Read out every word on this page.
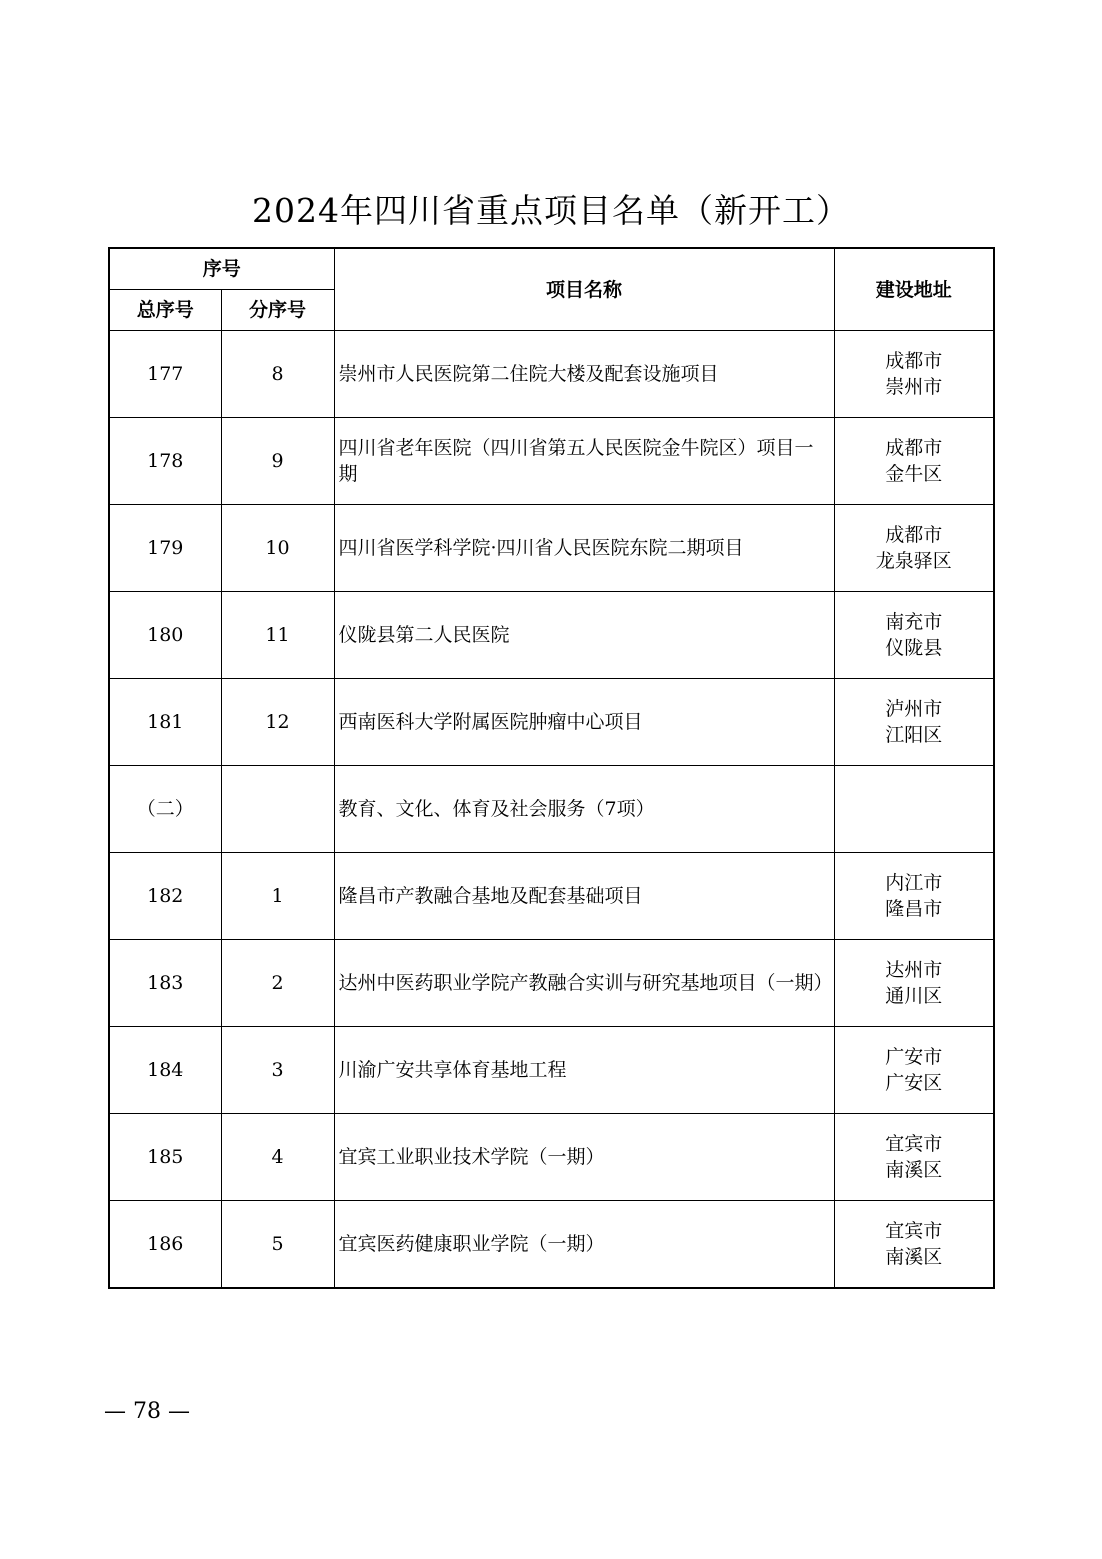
2024年四川省重点项目名单（新开工）
序号		项目名称	建设地址
总序号	分序号		
177	8	崇州市人民医院第二住院大楼及配套设施项目	成都市
崇州市

178	9	四川省老年医院（四川省第五人民医院金牛院区）项目一期	成都市
金牛区

179	10	四川省医学科学院·四川省人民医院东院二期项目	成都市
龙泉驿区

180	11	仪陇县第二人民医院	南充市
仪陇县

181	12	西南医科大学附属医院肿瘤中心项目	泸州市
江阳区

（二）		教育、文化、体育及社会服务（7项）	

182	1	隆昌市产教融合基地及配套基础项目	内江市
隆昌市

183	2	达州中医药职业学院产教融合实训与研究基地项目（一期）	达州市
通川区

184	3	川渝广安共享体育基地工程	广安市
广安区

185	4	宜宾工业职业技术学院（一期）	宜宾市
南溪区

186	5	宜宾医药健康职业学院（一期）	宜宾市
南溪区
— 78 —
